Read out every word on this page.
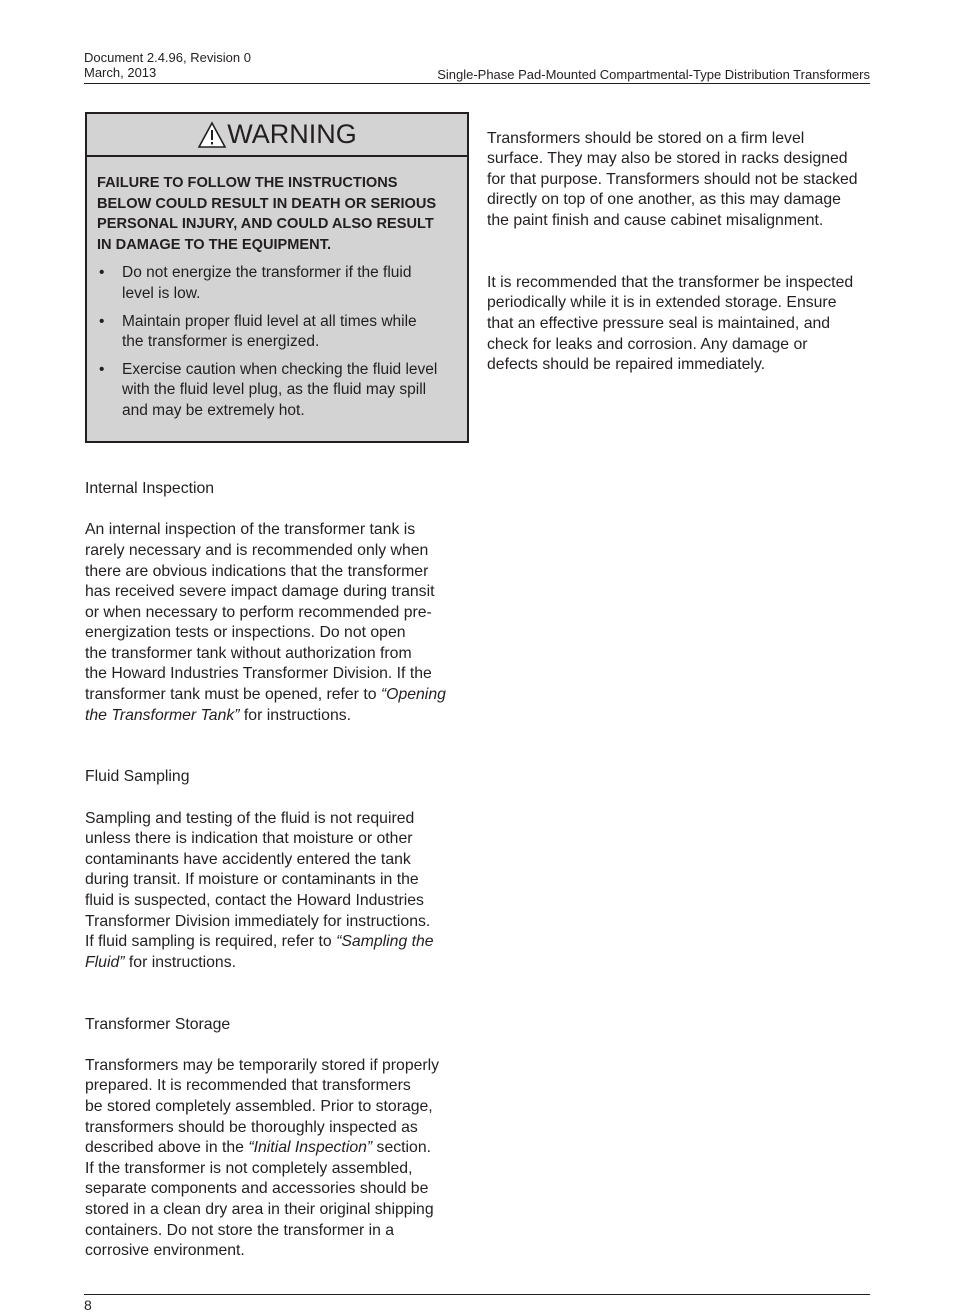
Document 2.4.96, Revision 0
March, 2013	Single-Phase Pad-Mounted Compartmental-Type Distribution Transformers
WARNING
FAILURE TO FOLLOW THE INSTRUCTIONS
BELOW COULD RESULT IN DEATH OR SERIOUS
PERSONAL INJURY, AND COULD ALSO RESULT
IN DAMAGE TO THE EQUIPMENT.
• Do not energize the transformer if the fluid
level is low.
• Maintain proper fluid level at all times while
the transformer is energized.
• Exercise caution when checking the fluid level
with the fluid level plug, as the fluid may spill
and may be extremely hot.

Internal Inspection

An internal inspection of the transformer tank is
rarely necessary and is recommended only when
there are obvious indications that the transformer
has received severe impact damage during transit
or when necessary to perform recommended pre-
energization tests or inspections. Do not open
the transformer tank without authorization from
the Howard Industries Transformer Division. If the
transformer tank must be opened, refer to “Opening
the Transformer Tank” for instructions.

Fluid Sampling

Sampling and testing of the fluid is not required
unless there is indication that moisture or other
contaminants have accidently entered the tank
during transit. If moisture or contaminants in the
fluid is suspected, contact the Howard Industries
Transformer Division immediately for instructions.
If fluid sampling is required, refer to “Sampling the
Fluid” for instructions.

Transformer Storage

Transformers may be temporarily stored if properly
prepared. It is recommended that transformers
be stored completely assembled. Prior to storage,
transformers should be thoroughly inspected as
described above in the “Initial Inspection” section.
If the transformer is not completely assembled,
separate components and accessories should be
stored in a clean dry area in their original shipping
containers. Do not store the transformer in a
corrosive environment.

Transformers should be stored on a firm level
surface. They may also be stored in racks designed
for that purpose. Transformers should not be stacked
directly on top of one another, as this may damage
the paint finish and cause cabinet misalignment.

It is recommended that the transformer be inspected
periodically while it is in extended storage. Ensure
that an effective pressure seal is maintained, and
check for leaks and corrosion. Any damage or
defects should be repaired immediately.

8
